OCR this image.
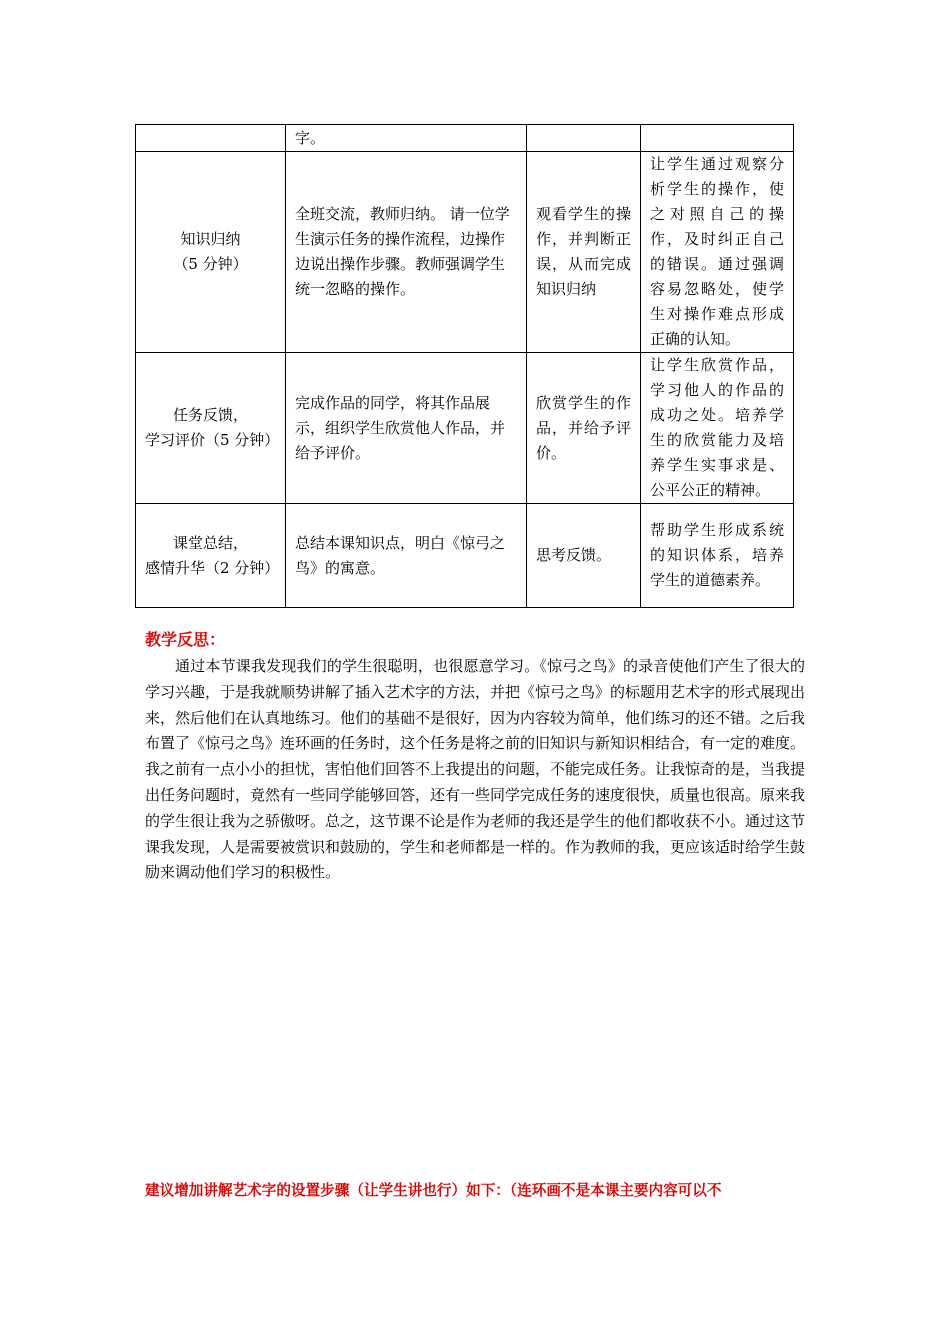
	字。		

知识归纳
（5 分钟）	全班交流，教师归纳。 请一位学生演示任务的操作流程，边操作边说出操作步骤。教师强调学生统一忽略的操作。	观看学生的操作，并判断正误，从而完成知识归纳	让学生通过观察分析学生的操作，使之对照自己的操作，及时纠正自己的错误。通过强调容易忽略处，使学生对操作难点形成正确的认知。

任务反馈，
学习评价（5 分钟）	完成作品的同学，将其作品展示，组织学生欣赏他人作品，并给予评价。	欣赏学生的作品，并给予评价。	让学生欣赏作品，学习他人的作品的成功之处。培养学生的欣赏能力及培养学生实事求是、公平公正的精神。

课堂总结，
感情升华（2 分钟）	总结本课知识点，明白《惊弓之鸟》的寓意。	思考反馈。	帮助学生形成系统的知识体系，培养学生的道德素养。
教学反思：
通过本节课我发现我们的学生很聪明，也很愿意学习。《惊弓之鸟》的录音使他们产生了很大的学习兴趣，于是我就顺势讲解了插入艺术字的方法，并把《惊弓之鸟》的标题用艺术字的形式展现出来，然后他们在认真地练习。他们的基础不是很好，因为内容较为简单，他们练习的还不错。之后我布置了《惊弓之鸟》连环画的任务时，这个任务是将之前的旧知识与新知识相结合，有一定的难度。我之前有一点小小的担忧，害怕他们回答不上我提出的问题，不能完成任务。让我惊奇的是，当我提出任务问题时，竟然有一些同学能够回答，还有一些同学完成任务的速度很快，质量也很高。原来我的学生很让我为之骄傲呀。总之，这节课不论是作为老师的我还是学生的他们都收获不小。通过这节课我发现，人是需要被赏识和鼓励的，学生和老师都是一样的。作为教师的我，更应该适时给学生鼓励来调动他们学习的积极性。
建议增加讲解艺术字的设置步骤（让学生讲也行）如下：（连环画不是本课主要内容可以不
